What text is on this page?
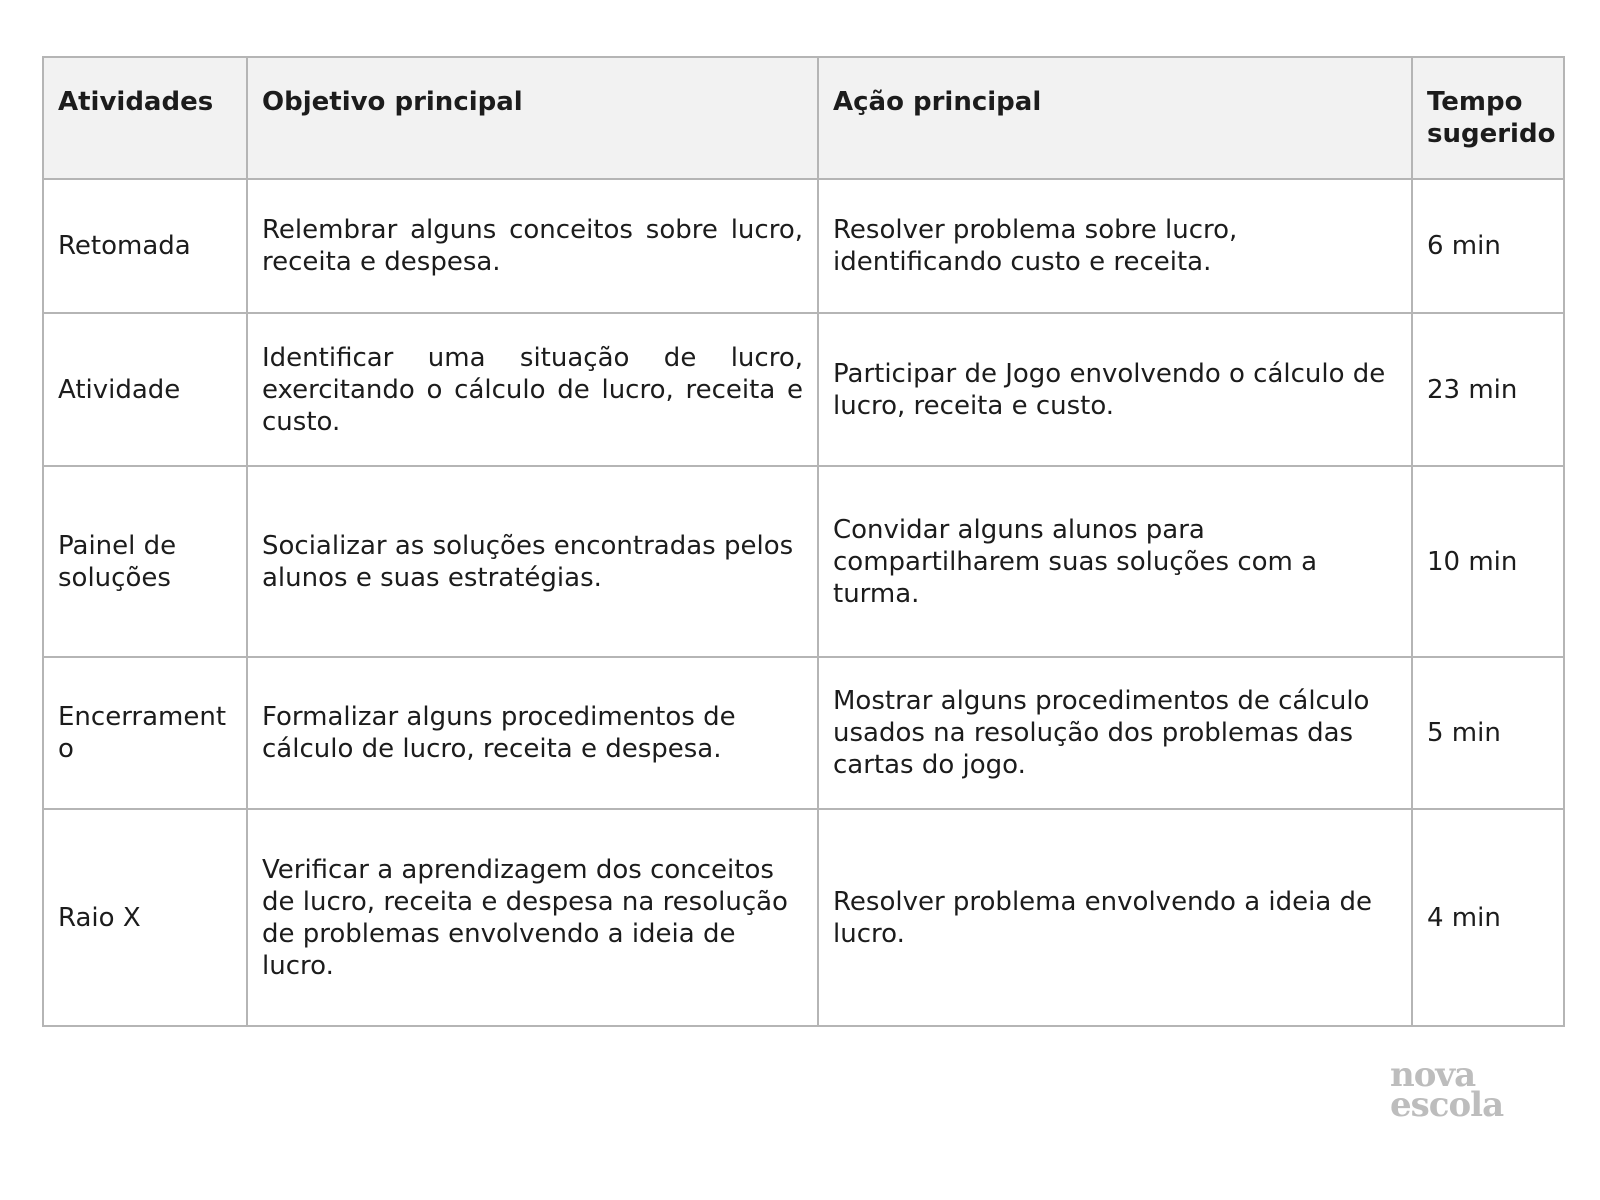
Atividades	Objetivo principal	Ação principal	Tempo sugerido
Retomada	Relembrar alguns conceitos sobre lucro, receita e despesa.	Resolver problema sobre lucro, identificando custo e receita.	6 min
Atividade	Identificar uma situação de lucro, exercitando o cálculo de lucro, receita e custo.	Participar de Jogo envolvendo o cálculo de lucro, receita e custo.	23 min
Painel de soluções	Socializar as soluções encontradas pelos alunos e suas estratégias.	Convidar alguns alunos para compartilharem suas soluções com a turma.	10 min
Encerramento	Formalizar alguns procedimentos de cálculo de lucro, receita e despesa.	Mostrar alguns procedimentos de cálculo usados na resolução dos problemas das cartas do jogo.	5 min
Raio X	Verificar a aprendizagem dos conceitos de lucro, receita e despesa na resolução de problemas envolvendo a ideia de lucro.	Resolver problema envolvendo a ideia de lucro.	4 min
nova
escola
